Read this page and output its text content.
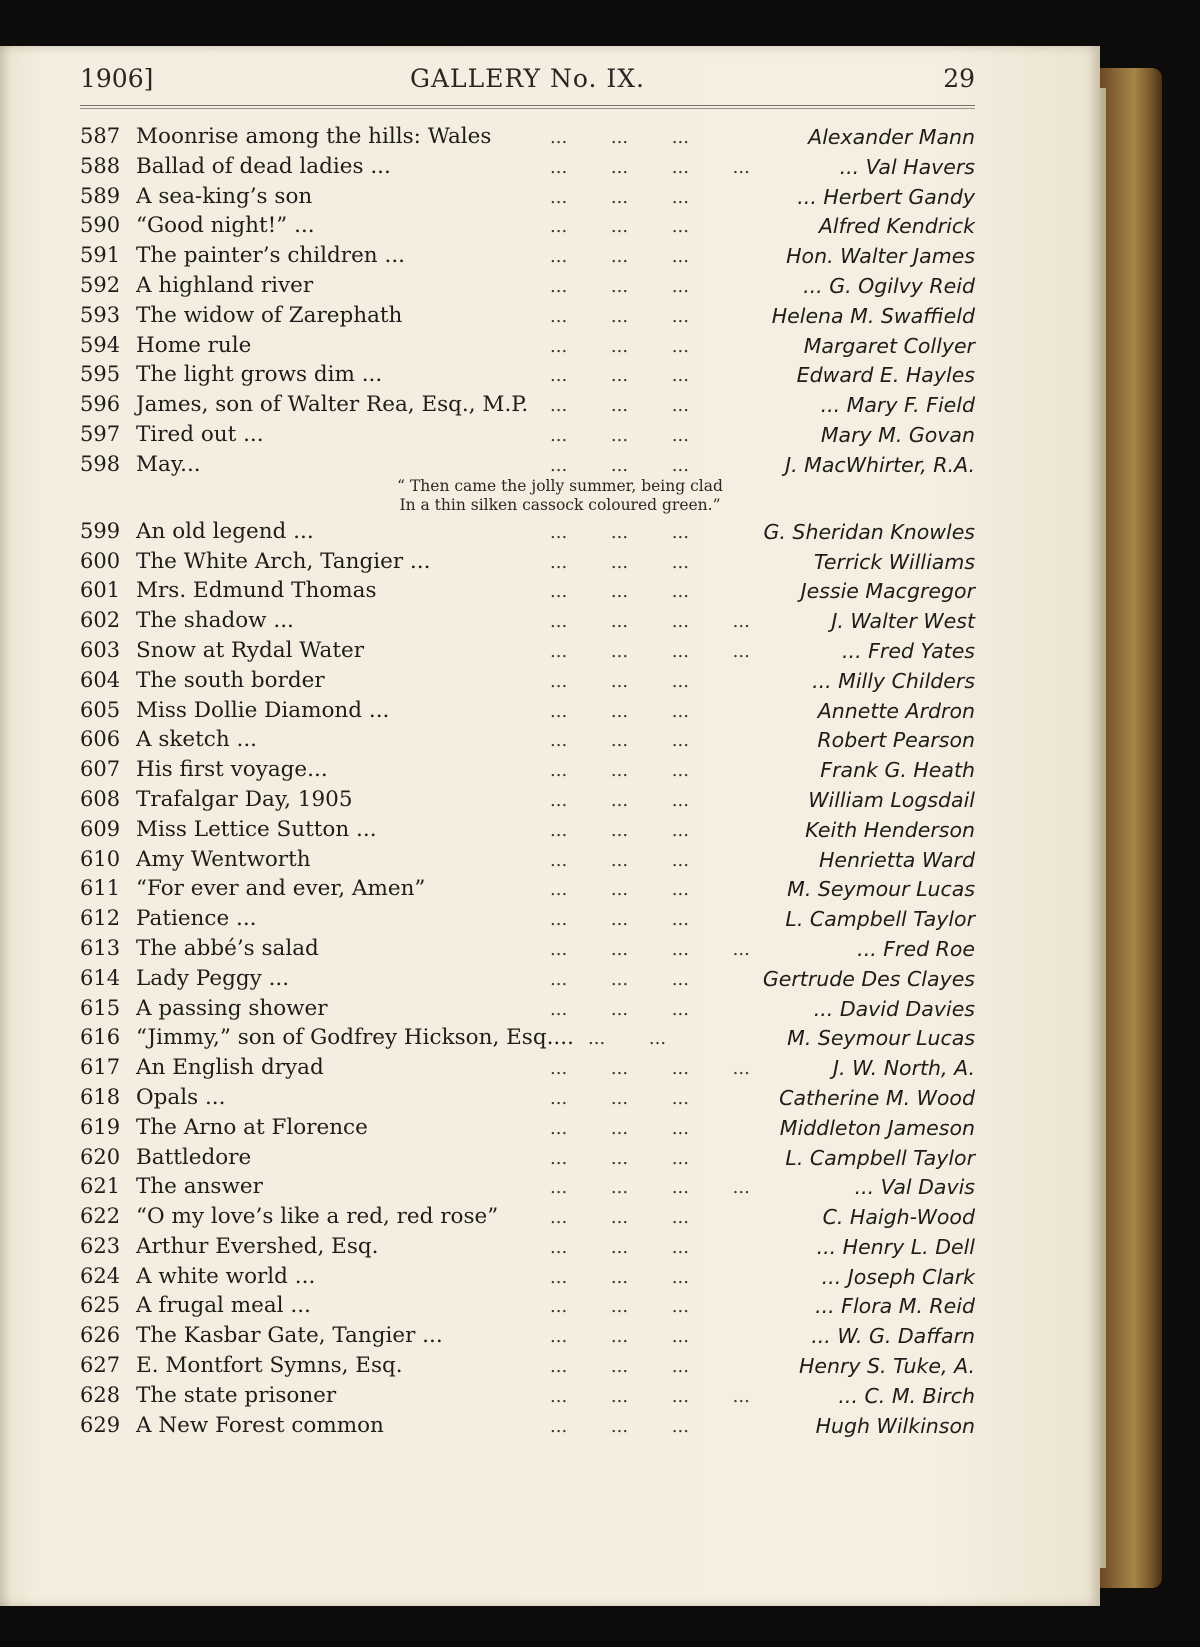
1906]	GALLERY No. IX.	29
587 Moonrise among the hills: Wales	... ... ...	Alexander Mann
588 Ballad of dead ladies ...	... ... ... ...	... Val Havers
589 A sea-king’s son	... ... ...	... Herbert Gandy
590 “Good night!” ...	... ... ...	Alfred Kendrick
591 The painter’s children ...	... ... ...	Hon. Walter James
592 A highland river	... ... ...	... G. Ogilvy Reid
593 The widow of Zarephath	... ... ...	Helena M. Swaffield
594 Home rule	... ... ...	Margaret Collyer
595 The light grows dim ...	... ... ...	Edward E. Hayles
596 James, son of Walter Rea, Esq., M.P. ... ... ...	... Mary F. Field
597 Tired out ...	... ... ...	Mary M. Govan
598 May...	... ... ...	J. MacWhirter, R.A.
“ Then came the jolly summer, being clad
In a thin silken cassock coloured green.”
599 An old legend ...	... ... ...	G. Sheridan Knowles
600 The White Arch, Tangier ...	... ... ...	Terrick Williams
601 Mrs. Edmund Thomas	... ... ...	Jessie Macgregor
602 The shadow ...	... ... ... ...	J. Walter West
603 Snow at Rydal Water	... ... ... ...	... Fred Yates
604 The south border	... ... ...	... Milly Childers
605 Miss Dollie Diamond ...	... ... ...	Annette Ardron
606 A sketch ...	... ... ...	Robert Pearson
607 His first voyage...	... ... ...	Frank G. Heath
608 Trafalgar Day, 1905	... ... ...	William Logsdail
609 Miss Lettice Sutton ...	... ... ...	Keith Henderson
610 Amy Wentworth	... ... ...	Henrietta Ward
611 “For ever and ever, Amen”	... ... ...	M. Seymour Lucas
612 Patience ...	... ... ...	L. Campbell Taylor
613 The abbé’s salad	... ... ... ...	... Fred Roe
614 Lady Peggy ...	... ... ...	Gertrude Des Clayes
615 A passing shower	... ... ...	... David Davies
616 “Jimmy,” son of Godfrey Hickson, Esq.... ... ...	M. Seymour Lucas
617 An English dryad	... ... ... ...	J. W. North, A.
618 Opals ...	... ... ...	Catherine M. Wood
619 The Arno at Florence	... ... ...	Middleton Jameson
620 Battledore	... ... ...	L. Campbell Taylor
621 The answer	... ... ... ...	... Val Davis
622 “O my love’s like a red, red rose”	... ... ...	C. Haigh-Wood
623 Arthur Evershed, Esq.	... ... ...	... Henry L. Dell
624 A white world ...	... ... ...	... Joseph Clark
625 A frugal meal ...	... ... ...	... Flora M. Reid
626 The Kasbar Gate, Tangier ...	... ... ...	... W. G. Daffarn
627 E. Montfort Symns, Esq.	... ... ...	Henry S. Tuke, A.
628 The state prisoner	... ... ... ...	... C. M. Birch
629 A New Forest common	... ... ...	Hugh Wilkinson
